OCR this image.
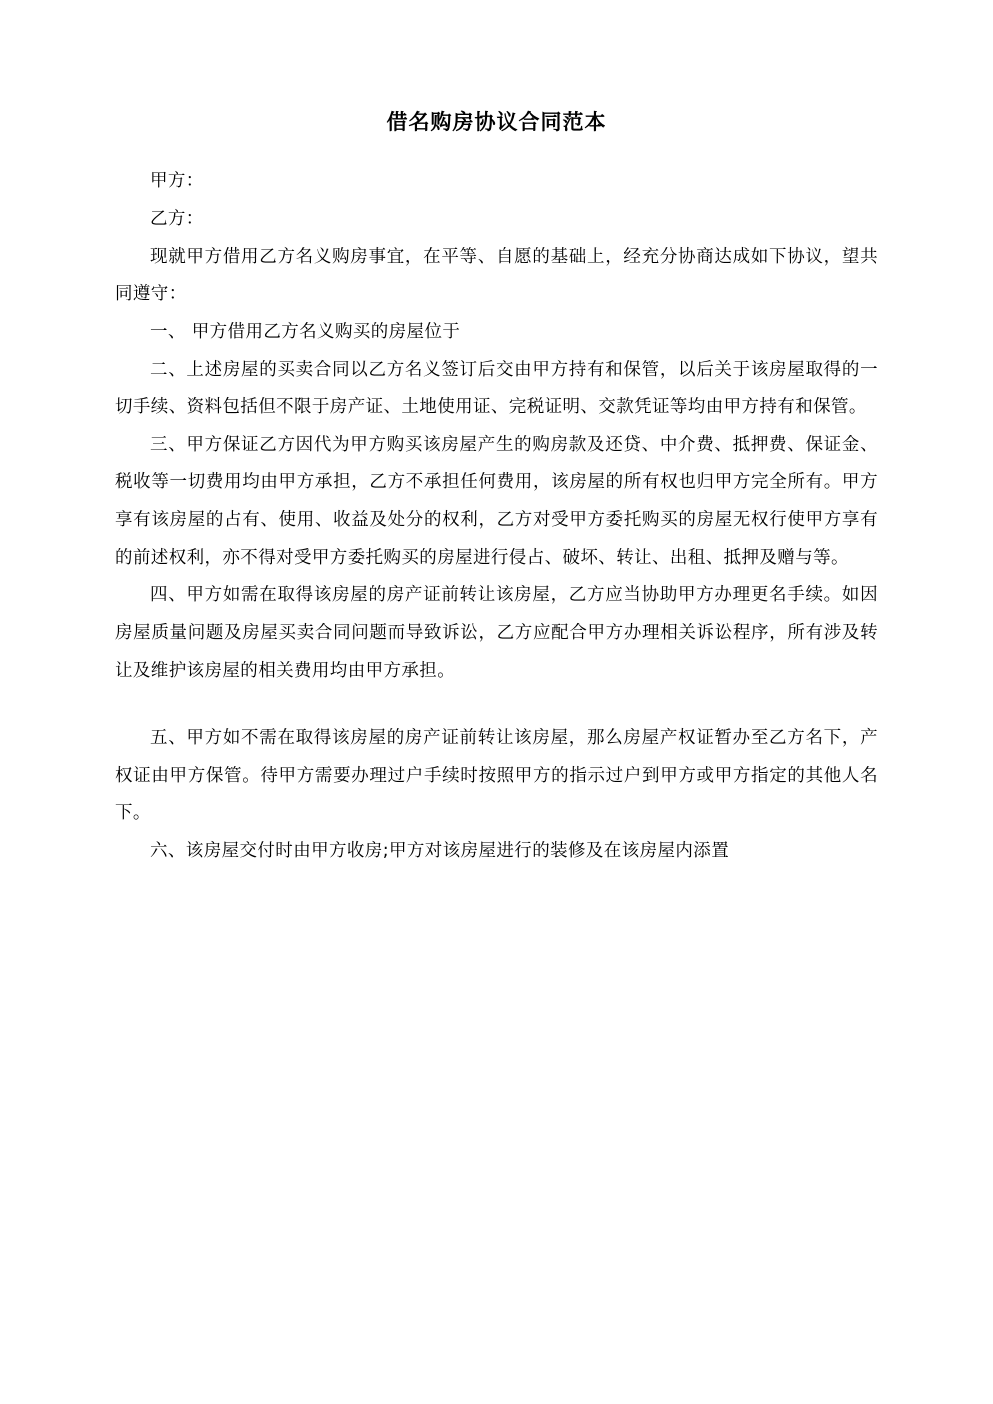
借名购房协议合同范本

甲方：

乙方：

现就甲方借用乙方名义购房事宜，在平等、自愿的基础上，经充分协商达成如下协议，望共同遵守：

一、 甲方借用乙方名义购买的房屋位于

二、上述房屋的买卖合同以乙方名义签订后交由甲方持有和保管，以后关于该房屋取得的一切手续、资料包括但不限于房产证、土地使用证、完税证明、交款凭证等均由甲方持有和保管。

三、甲方保证乙方因代为甲方购买该房屋产生的购房款及还贷、中介费、抵押费、保证金、税收等一切费用均由甲方承担，乙方不承担任何费用，该房屋的所有权也归甲方完全所有。甲方享有该房屋的占有、使用、收益及处分的权利，乙方对受甲方委托购买的房屋无权行使甲方享有的前述权利，亦不得对受甲方委托购买的房屋进行侵占、破坏、转让、出租、抵押及赠与等。

四、甲方如需在取得该房屋的房产证前转让该房屋，乙方应当协助甲方办理更名手续。如因房屋质量问题及房屋买卖合同问题而导致诉讼，乙方应配合甲方办理相关诉讼程序，所有涉及转让及维护该房屋的相关费用均由甲方承担。

五、甲方如不需在取得该房屋的房产证前转让该房屋，那么房屋产权证暂办至乙方名下，产权证由甲方保管。待甲方需要办理过户手续时按照甲方的指示过户到甲方或甲方指定的其他人名下。

六、该房屋交付时由甲方收房;甲方对该房屋进行的装修及在该房屋内添置
